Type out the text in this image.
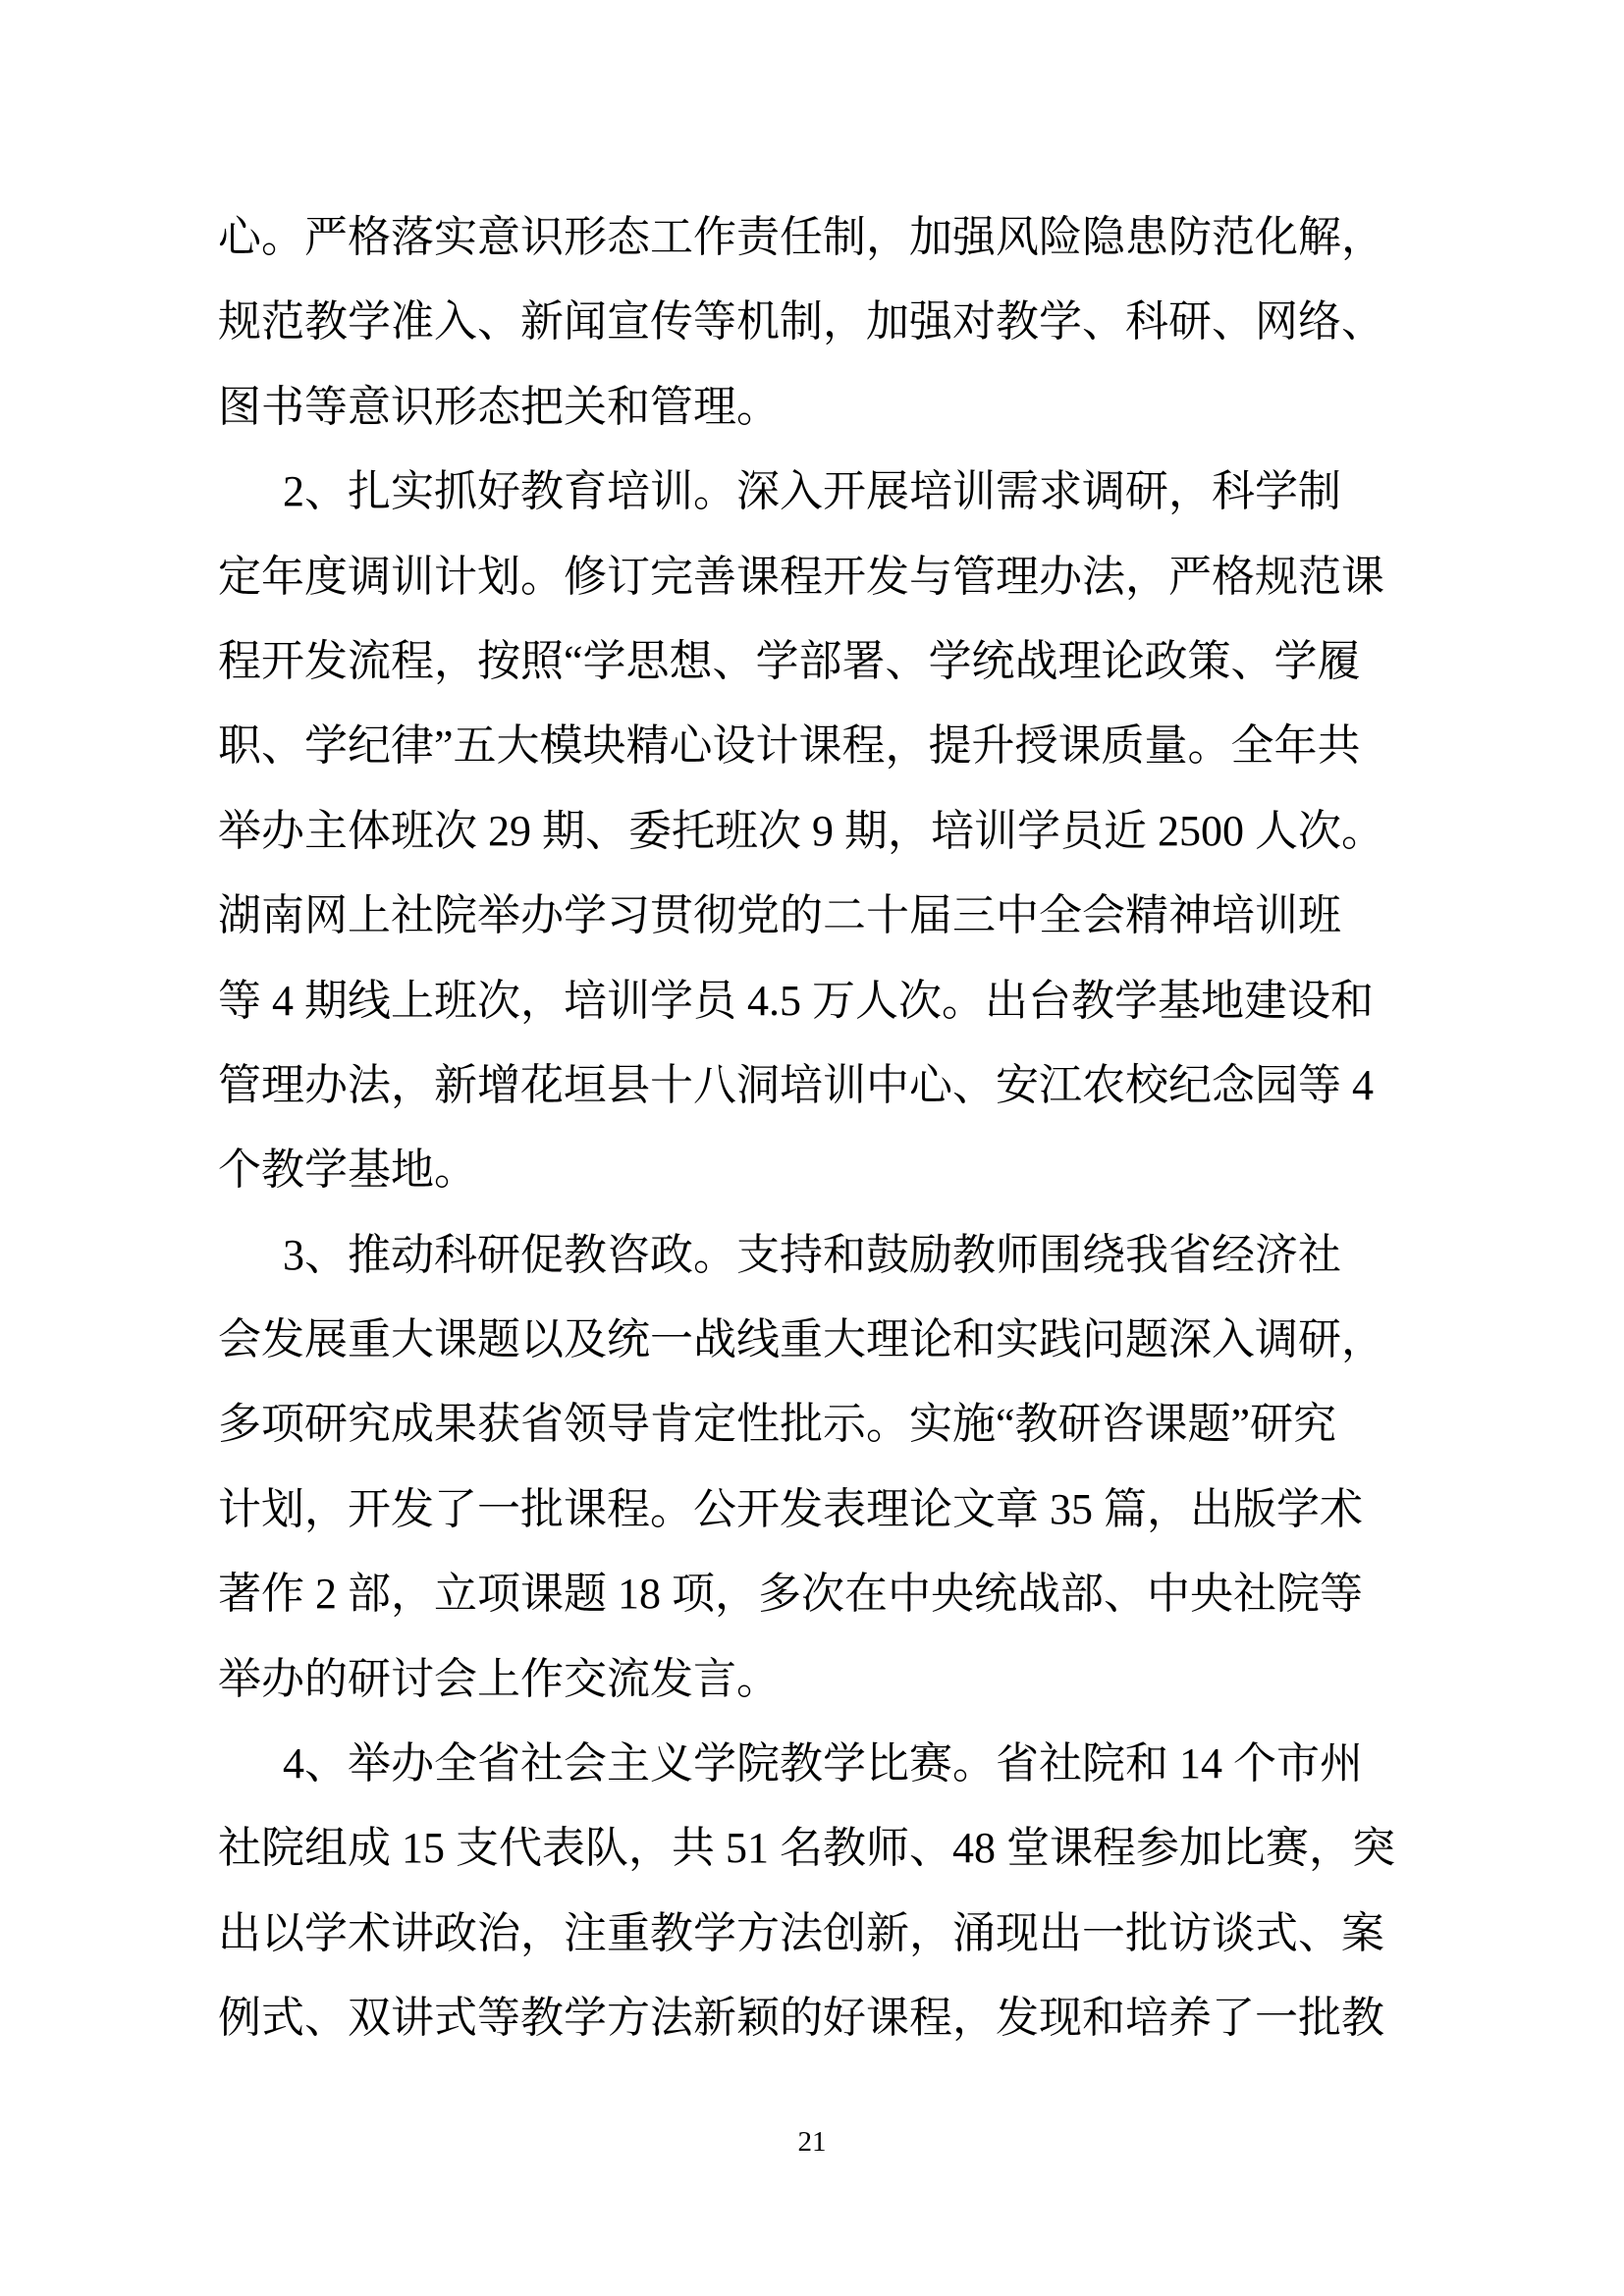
心。严格落实意识形态工作责任制，加强风险隐患防范化解，
规范教学准入、新闻宣传等机制，加强对教学、科研、网络、
图书等意识形态把关和管理。
2、扎实抓好教育培训。深入开展培训需求调研，科学制
定年度调训计划。修订完善课程开发与管理办法，严格规范课
程开发流程，按照“学思想、学部署、学统战理论政策、学履
职、学纪律”五大模块精心设计课程，提升授课质量。全年共
举办主体班次 29 期、委托班次 9 期，培训学员近 2500 人次。
湖南网上社院举办学习贯彻党的二十届三中全会精神培训班
等 4 期线上班次，培训学员 4.5 万人次。出台教学基地建设和
管理办法，新增花垣县十八洞培训中心、安江农校纪念园等 4
个教学基地。
3、推动科研促教咨政。支持和鼓励教师围绕我省经济社
会发展重大课题以及统一战线重大理论和实践问题深入调研，
多项研究成果获省领导肯定性批示。实施“教研咨课题”研究
计划，开发了一批课程。公开发表理论文章 35 篇，出版学术
著作 2 部，立项课题 18 项，多次在中央统战部、中央社院等
举办的研讨会上作交流发言。
4、举办全省社会主义学院教学比赛。省社院和 14 个市州
社院组成 15 支代表队，共 51 名教师、48 堂课程参加比赛，突
出以学术讲政治，注重教学方法创新，涌现出一批访谈式、案
例式、双讲式等教学方法新颖的好课程，发现和培养了一批教
21
